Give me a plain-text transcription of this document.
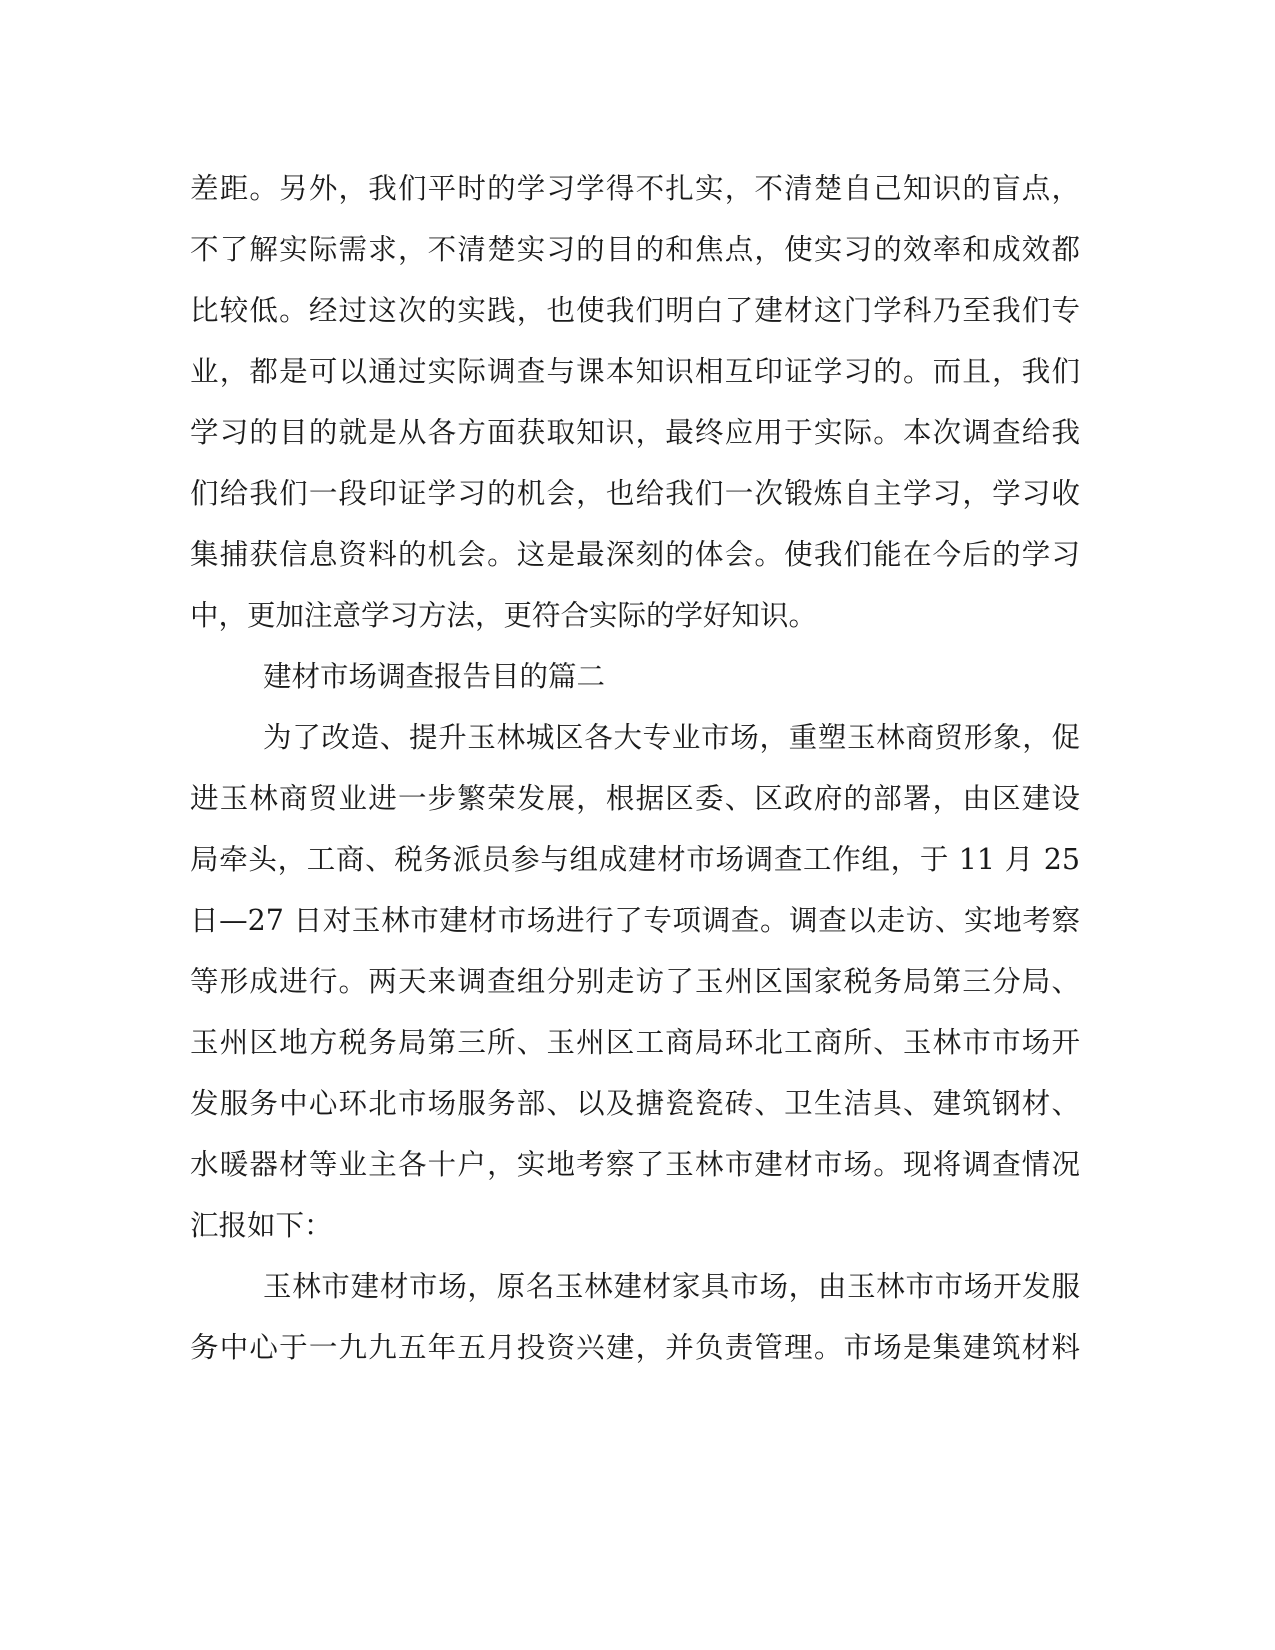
差距。另外，我们平时的学习学得不扎实，不清楚自己知识的盲点，
不了解实际需求，不清楚实习的目的和焦点，使实习的效率和成效都
比较低。经过这次的实践，也使我们明白了建材这门学科乃至我们专
业，都是可以通过实际调查与课本知识相互印证学习的。而且，我们
学习的目的就是从各方面获取知识，最终应用于实际。本次调查给我
们给我们一段印证学习的机会，也给我们一次锻炼自主学习，学习收
集捕获信息资料的机会。这是最深刻的体会。使我们能在今后的学习
中，更加注意学习方法，更符合实际的学好知识。
建材市场调查报告目的篇二
为了改造、提升玉林城区各大专业市场，重塑玉林商贸形象，促
进玉林商贸业进一步繁荣发展，根据区委、区政府的部署，由区建设
局牵头，工商、税务派员参与组成建材市场调查工作组，于 11 月 25
日—27 日对玉林市建材市场进行了专项调查。调查以走访、实地考察
等形成进行。两天来调查组分别走访了玉州区国家税务局第三分局、
玉州区地方税务局第三所、玉州区工商局环北工商所、玉林市市场开
发服务中心环北市场服务部、以及搪瓷瓷砖、卫生洁具、建筑钢材、
水暖器材等业主各十户，实地考察了玉林市建材市场。现将调查情况
汇报如下：
玉林市建材市场，原名玉林建材家具市场，由玉林市市场开发服
务中心于一九九五年五月投资兴建，并负责管理。市场是集建筑材料
